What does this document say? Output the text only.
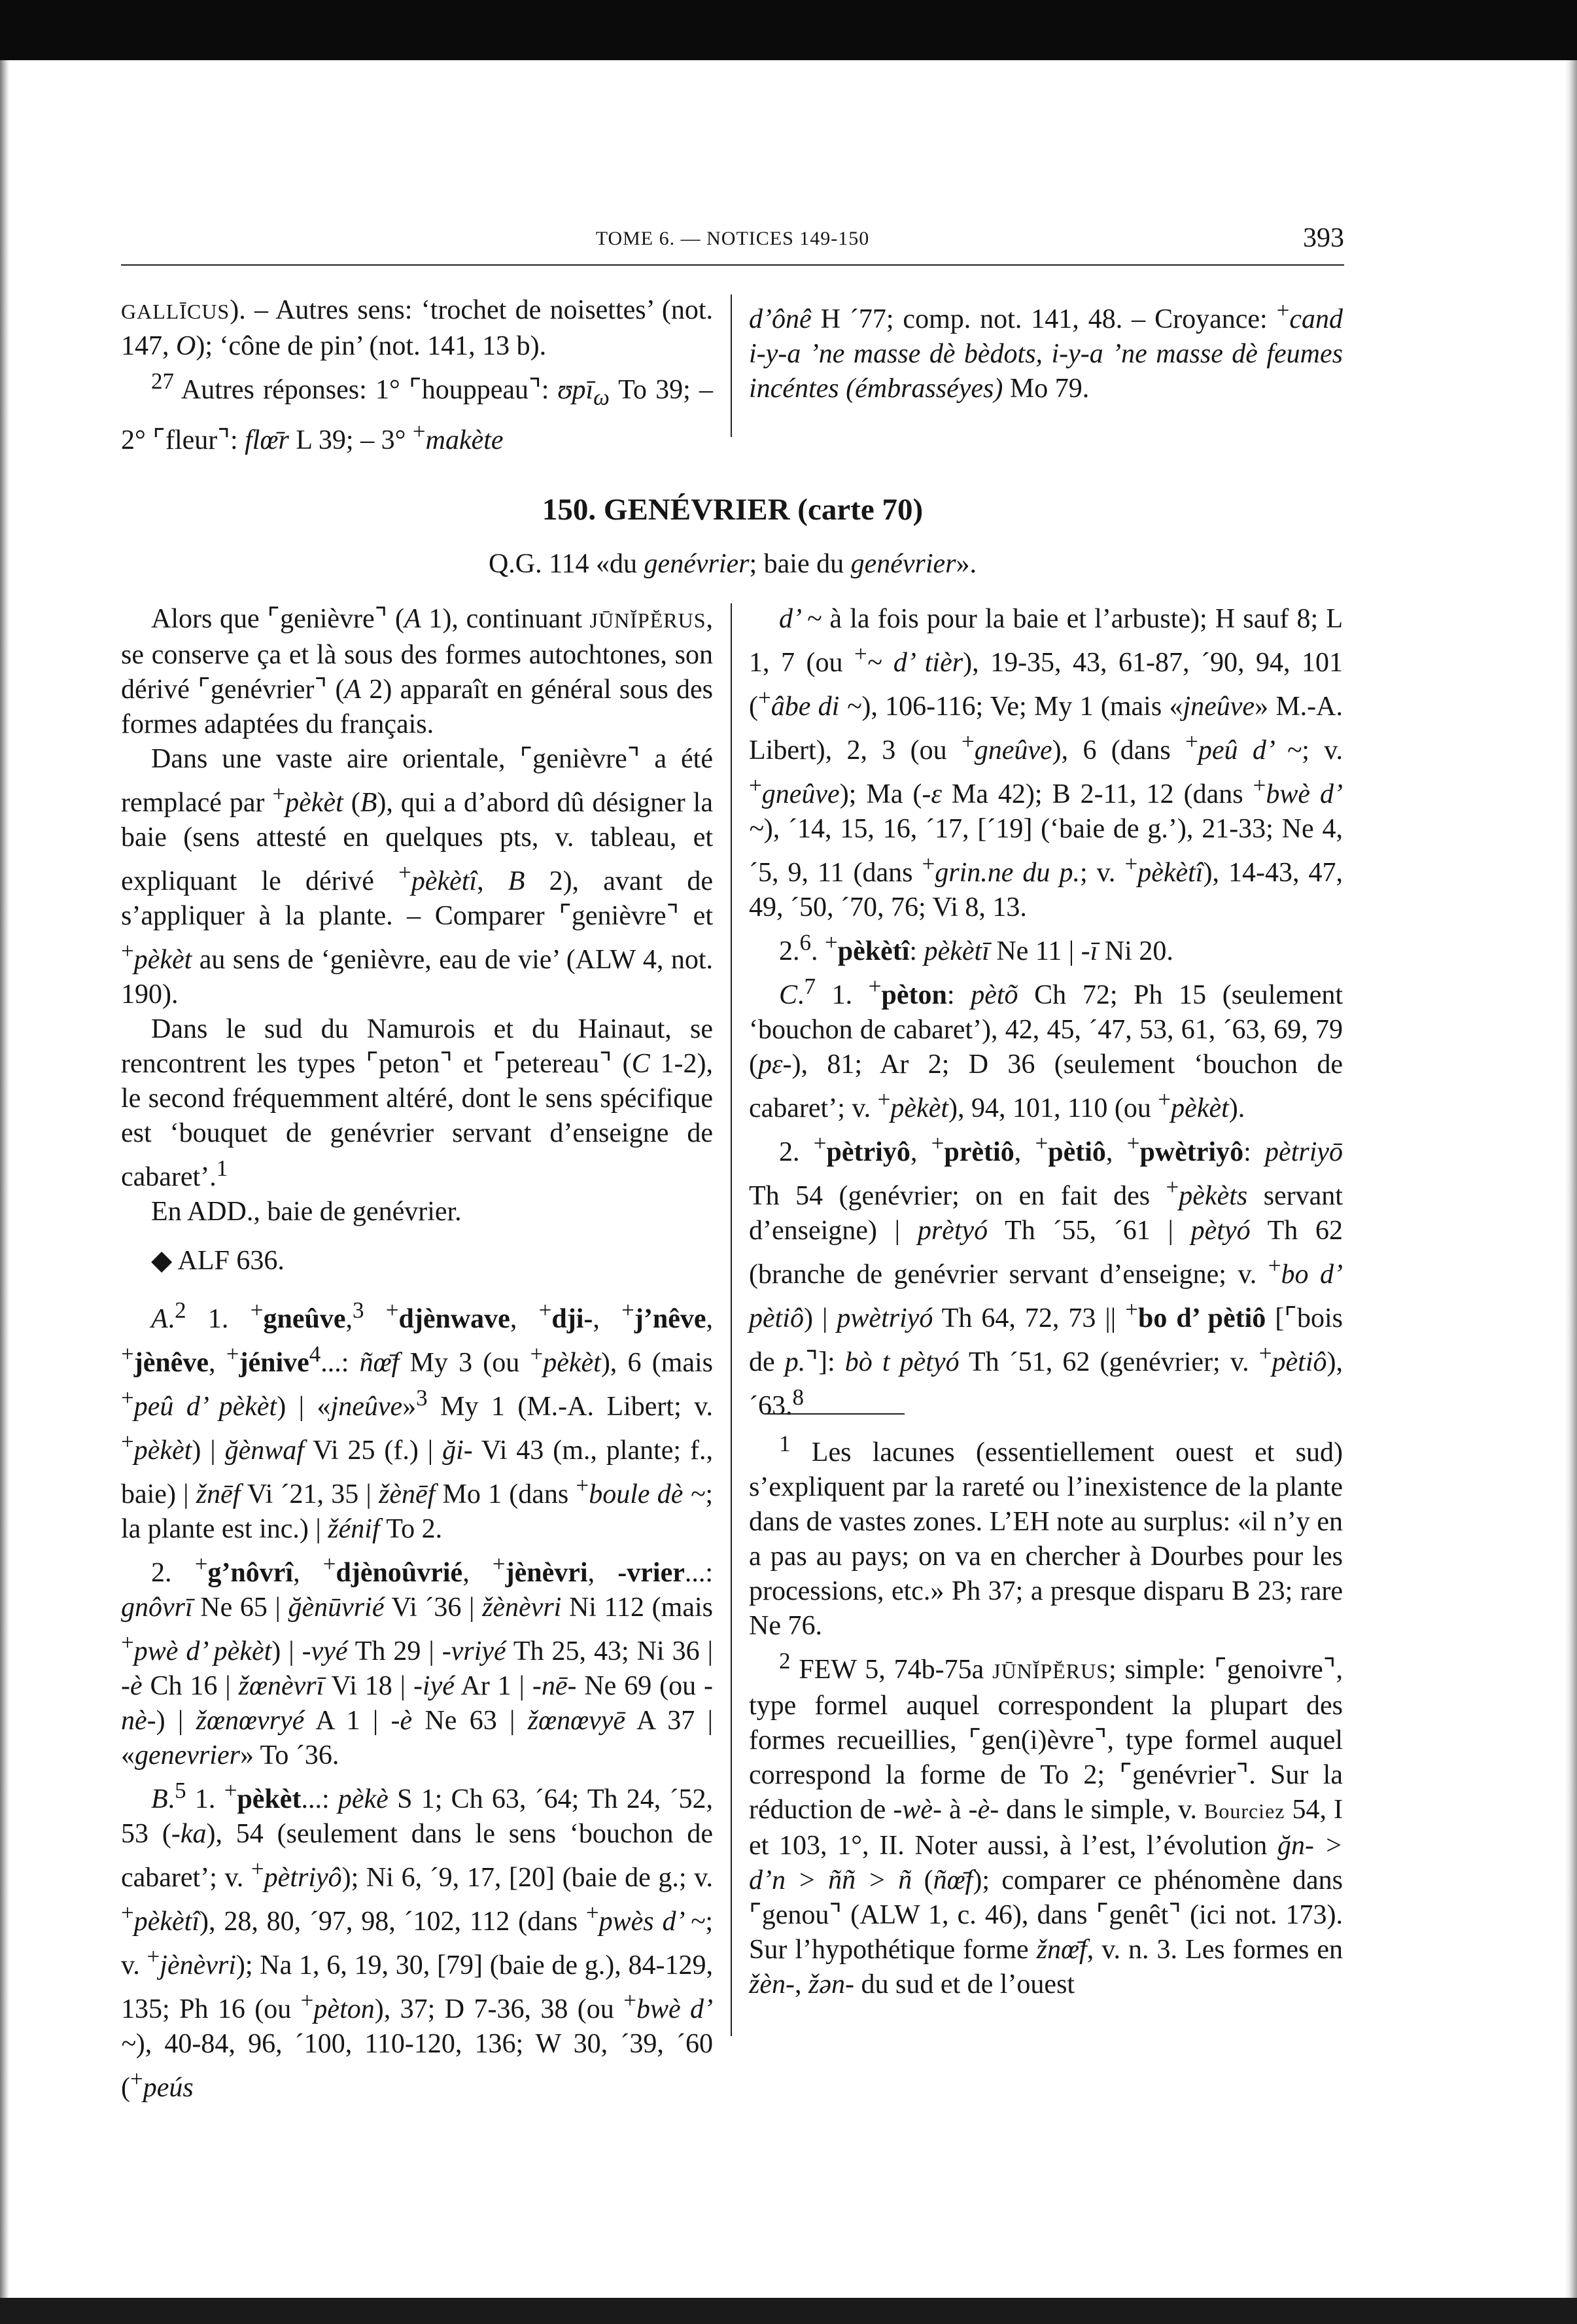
TOME 6. — NOTICES 149-150	393

GALLĪCUS). – Autres sens: ‘trochet de noisettes’ (not. 147, O); ‘cône de pin’ (not. 141, 13 b).

$^{27}$ Autres réponses: 1° ⌜houppeau⌝: ʊpī$_\omega$ To 39; – 2° ⌜fleur⌝: flœ̄r L 39; – 3° +makète

d’ônê H ´77; comp. not. 141, 48. – Croyance: +cand i-y-a ’ne masse dè bèdots, i-y-a ’ne masse dè feumes incéntes (émbrasséyes) Mo 79.

150. GENÉVRIER (carte 70)
Q.G. 114 «du genévrier; baie du genévrier».

Alors que ⌜genièvre⌝ (A 1), continuant JŪNĬPĔRUS, se conserve ça et là sous des formes autochtones, son dérivé ⌜genévrier⌝ (A 2) apparaît en général sous des formes adaptées du français.

Dans une vaste aire orientale, ⌜genièvre⌝ a été remplacé par +pèkèt (B), qui a d’abord dû désigner la baie (sens attesté en quelques pts, v. tableau, et expliquant le dérivé +pèkètî, B 2), avant de s’appliquer à la plante. – Comparer ⌜genièvre⌝ et +pèkèt au sens de ‘genièvre, eau de vie’ (ALW 4, not. 190).

Dans le sud du Namurois et du Hainaut, se rencontrent les types ⌜peton⌝ et ⌜petereau⌝ (C 1-2), le second fréquemment altéré, dont le sens spécifique est ‘bouquet de genévrier servant d’enseigne de cabaret’.$^1$

En ADD., baie de genévrier.

◆ ALF 636.

A.$^2$ 1. +gneûve,$^3$ +djènwave, +dji-, +j’nêve, +jènêve, +jénive$^4$...: ñœ̄f My 3 (ou +pèkèt), 6 (mais +peû d’ pèkèt) | «jneûve»$^3$ My 1 (M.-A. Libert; v. +pèkèt) | ğènwaf Vi 25 (f.) | ği- Vi 43 (m., plante; f., baie) | žnēf Vi ´21, 35 | žènēf Mo 1 (dans +boule dè ~; la plante est inc.) | žénif To 2.

2. +g’nôvrî, +djènoûvrié, +jènèvri, -vrier...: gnôvrī Ne 65 | ğènūvrié Vi ´36 | žènèvri Ni 112 (mais +pwè d’ pèkèt) | -vyé Th 29 | -vriyé Th 25, 43; Ni 36 | -è Ch 16 | žœnèvrī Vi 18 | -iyé Ar 1 | -nē- Ne 69 (ou -nè-) | žœnœvryé A 1 | -è Ne 63 | žœnœvyē A 37 | «genevrier» To ´36.

B.$^5$ 1. +pèkèt...: pèkè S 1; Ch 63, ´64; Th 24, ´52, 53 (-ka), 54 (seulement dans le sens ‘bouchon de cabaret’; v. +pètriyô); Ni 6, ´9, 17, [20] (baie de g.; v. +pèkètî), 28, 80, ´97, 98, ´102, 112 (dans +pwès d’ ~; v. +jènèvri); Na 1, 6, 19, 30, [79] (baie de g.), 84-129, 135; Ph 16 (ou +pèton), 37; D 7-36, 38 (ou +bwè d’ ~), 40-84, 96, ´100, 110-120, 136; W 30, ´39, ´60 (+peús

d’ ~ à la fois pour la baie et l’arbuste); H sauf 8; L 1, 7 (ou +~ d’ tièr), 19-35, 43, 61-87, ´90, 94, 101 (+âbe di ~), 106-116; Ve; My 1 (mais «jneûve» M.-A. Libert), 2, 3 (ou +gneûve), 6 (dans +peû d’ ~; v. +gneûve); Ma (-ε Ma 42); B 2-11, 12 (dans +bwè d’ ~), ´14, 15, 16, ´17, [´19] (‘baie de g.’), 21-33; Ne 4, ´5, 9, 11 (dans +grin.ne du p.; v. +pèkètî), 14-43, 47, 49, ´50, ´70, 76; Vi 8, 13.

2.$^6$. +pèkètî: pèkètī Ne 11 | -ī Ni 20.

C.$^7$ 1. +pèton: pètõ Ch 72; Ph 15 (seulement ‘bouchon de cabaret’), 42, 45, ´47, 53, 61, ´63, 69, 79 (pε-), 81; Ar 2; D 36 (seulement ‘bouchon de cabaret’; v. +pèkèt), 94, 101, 110 (ou +pèkèt).

2. +pètriyô, +prètiô, +pètiô, +pwètriyô: pètriyō Th 54 (genévrier; on en fait des +pèkèts servant d’enseigne) | prètyó Th ´55, ´61 | pètyó Th 62 (branche de genévrier servant d’enseigne; v. +bo d’ pètiô) | pwètriyó Th 64, 72, 73 || +bo d’ pètiô [⌜bois de p.⌝]: bò t pètyó Th ´51, 62 (genévrier; v. +pètiô), ´63.$^8$

$^1$ Les lacunes (essentiellement ouest et sud) s’expliquent par la rareté ou l’inexistence de la plante dans de vastes zones. L’EH note au surplus: «il n’y en a pas au pays; on va en chercher à Dourbes pour les processions, etc.» Ph 37; a presque disparu B 23; rare Ne 76.

$^2$ FEW 5, 74b-75a JŪNĬPĔRUS; simple: ⌜genoivre⌝, type formel auquel correspondent la plupart des formes recueillies, ⌜gen(i)èvre⌝, type formel auquel correspond la forme de To 2; ⌜genévrier⌝. Sur la réduction de -wè- à -è- dans le simple, v. Bourciez 54, I et 103, 1°, II. Noter aussi, à l’est, l’évolution ğn- > d’n > ññ > ñ (ñœ̄f); comparer ce phénomène dans ⌜genou⌝ (ALW 1, c. 46), dans ⌜genêt⌝ (ici not. 173). Sur l’hypothétique forme žnœ̄f, v. n. 3. Les formes en žèn-, žən- du sud et de l’ouest
